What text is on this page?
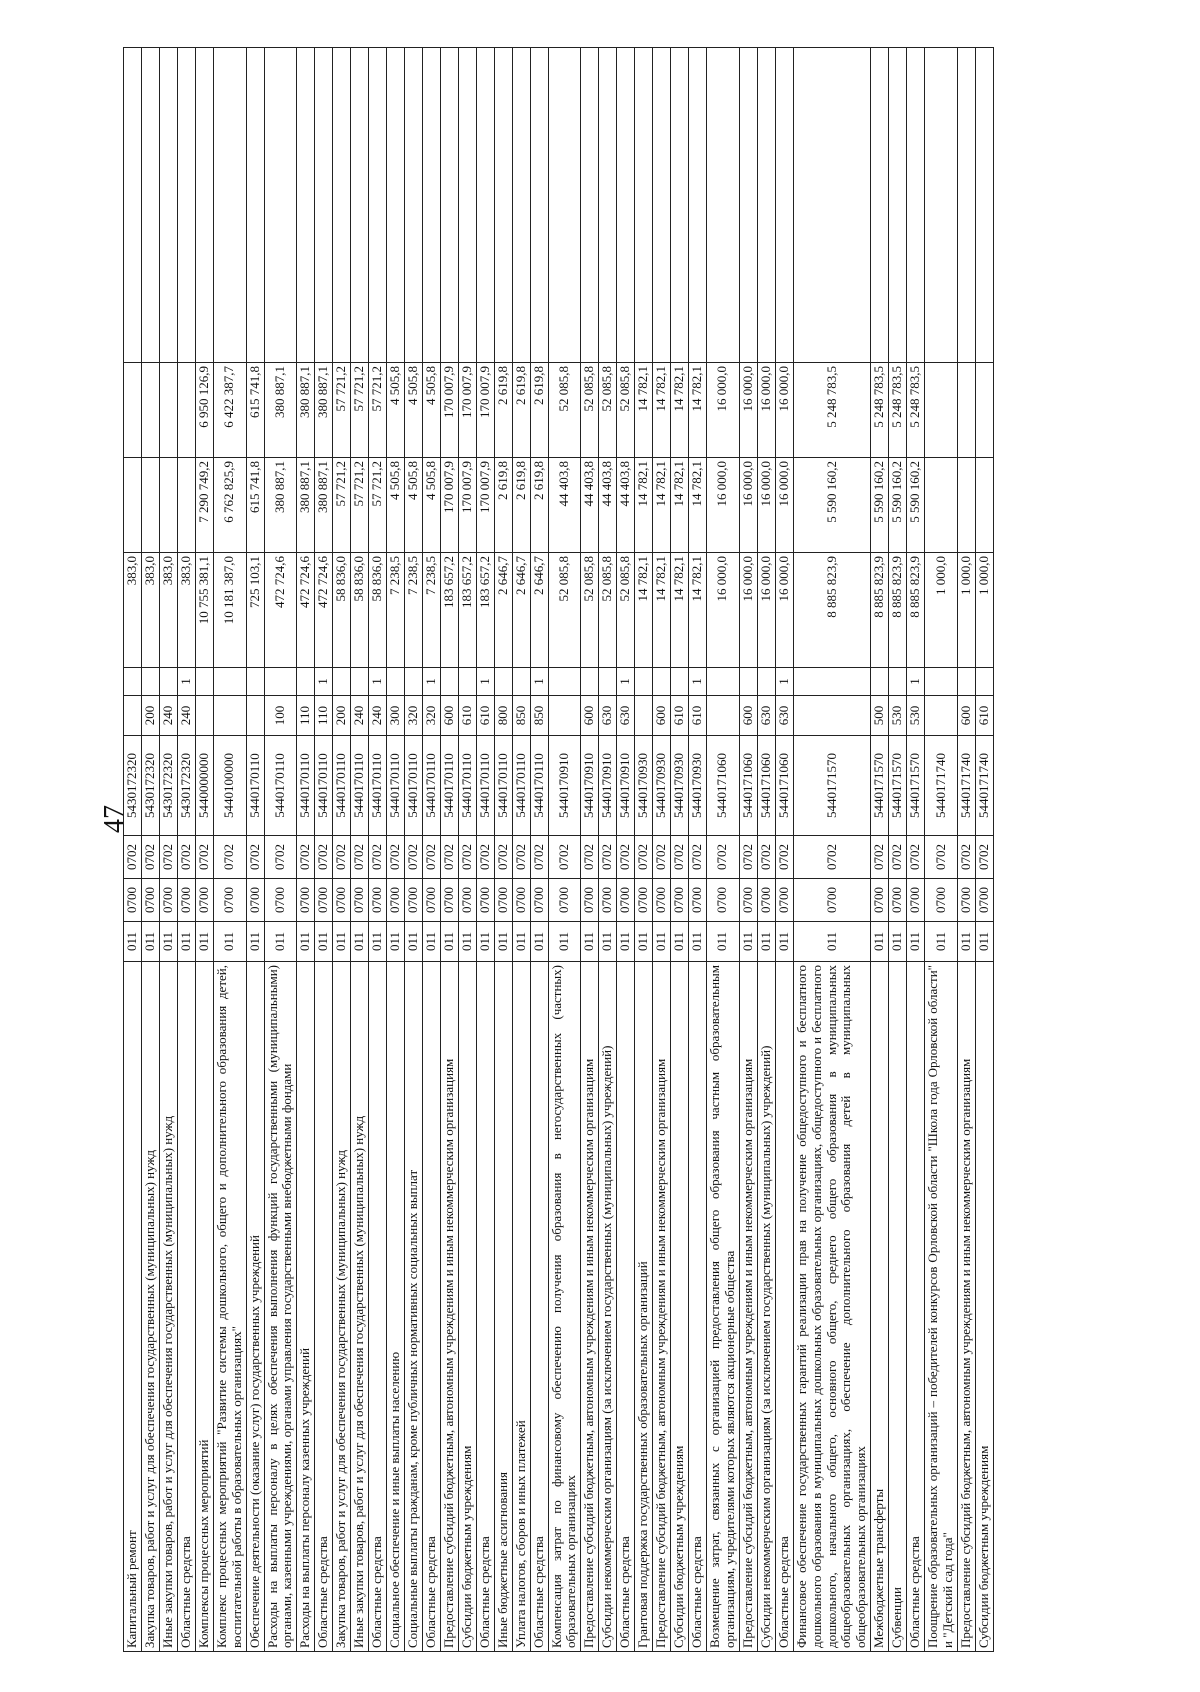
47
Капитальный ремонт	011	0700	0702	5430172320			383,0			
Закупка товаров, работ и услуг для обеспечения государственных (муниципальных) нужд	011	0700	0702	5430172320	200		383,0			
Иные закупки товаров, работ и услуг для обеспечения государственных (муниципальных) нужд	011	0700	0702	5430172320	240		383,0			
Областные средства	011	0700	0702	5430172320	240	1	383,0			
Комплексы процессных мероприятий	011	0700	0702	5440000000			10 755 381,1	7 290 749,2	6 950 126,9	
Комплекс процессных мероприятий "Развитие системы дошкольного, общего и дополнительного образования детей, воспитательной работы в образовательных организациях"	011	0700	0702	5440100000			10 181 387,0	6 762 825,9	6 422 387,7	
Обеспечение деятельности (оказание услуг) государственных учреждений	011	0700	0702	5440170110			725 103,1	615 741,8	615 741,8	
Расходы на выплаты персоналу в целях обеспечения выполнения функций государственными (муниципальными) органами, казенными учреждениями, органами управления государственными внебюджетными фондами	011	0700	0702	5440170110	100		472 724,6	380 887,1	380 887,1	
Расходы на выплаты персоналу казенных учреждений	011	0700	0702	5440170110	110		472 724,6	380 887,1	380 887,1	
Областные средства	011	0700	0702	5440170110	110	1	472 724,6	380 887,1	380 887,1	
Закупка товаров, работ и услуг для обеспечения государственных (муниципальных) нужд	011	0700	0702	5440170110	200		58 836,0	57 721,2	57 721,2	
Иные закупки товаров, работ и услуг для обеспечения государственных (муниципальных) нужд	011	0700	0702	5440170110	240		58 836,0	57 721,2	57 721,2	
Областные средства	011	0700	0702	5440170110	240	1	58 836,0	57 721,2	57 721,2	
Социальное обеспечение и иные выплаты населению	011	0700	0702	5440170110	300		7 238,5	4 505,8	4 505,8	
Социальные выплаты гражданам, кроме публичных нормативных социальных выплат	011	0700	0702	5440170110	320		7 238,5	4 505,8	4 505,8	
Областные средства	011	0700	0702	5440170110	320	1	7 238,5	4 505,8	4 505,8	
Предоставление субсидий бюджетным, автономным учреждениям и иным некоммерческим организациям	011	0700	0702	5440170110	600		183 657,2	170 007,9	170 007,9	
Субсидии бюджетным учреждениям	011	0700	0702	5440170110	610		183 657,2	170 007,9	170 007,9	
Областные средства	011	0700	0702	5440170110	610	1	183 657,2	170 007,9	170 007,9	
Иные бюджетные ассигнования	011	0700	0702	5440170110	800		2 646,7	2 619,8	2 619,8	
Уплата налогов, сборов и иных платежей	011	0700	0702	5440170110	850		2 646,7	2 619,8	2 619,8	
Областные средства	011	0700	0702	5440170110	850	1	2 646,7	2 619,8	2 619,8	
Компенсация затрат по финансовому обеспечению получения образования в негосударственных (частных) образовательных организациях	011	0700	0702	5440170910			52 085,8	44 403,8	52 085,8	
Предоставление субсидий бюджетным, автономным учреждениям и иным некоммерческим организациям	011	0700	0702	5440170910	600		52 085,8	44 403,8	52 085,8	
Субсидии некоммерческим организациям (за исключением государственных (муниципальных) учреждений)	011	0700	0702	5440170910	630		52 085,8	44 403,8	52 085,8	
Областные средства	011	0700	0702	5440170910	630	1	52 085,8	44 403,8	52 085,8	
Грантовая поддержка государственных образовательных организаций	011	0700	0702	5440170930			14 782,1	14 782,1	14 782,1	
Предоставление субсидий бюджетным, автономным учреждениям и иным некоммерческим организациям	011	0700	0702	5440170930	600		14 782,1	14 782,1	14 782,1	
Субсидии бюджетным учреждениям	011	0700	0702	5440170930	610		14 782,1	14 782,1	14 782,1	
Областные средства	011	0700	0702	5440170930	610	1	14 782,1	14 782,1	14 782,1	
Возмещение затрат, связанных с организацией предоставления общего образования частным образовательным организациям, учредителями которых являются акционерные общества	011	0700	0702	5440171060			16 000,0	16 000,0	16 000,0	
Предоставление субсидий бюджетным, автономным учреждениям и иным некоммерческим организациям	011	0700	0702	5440171060	600		16 000,0	16 000,0	16 000,0	
Субсидии некоммерческим организациям (за исключением государственных (муниципальных) учреждений)	011	0700	0702	5440171060	630		16 000,0	16 000,0	16 000,0	
Областные средства	011	0700	0702	5440171060	630	1	16 000,0	16 000,0	16 000,0	
Финансовое обеспечение государственных гарантий реализации прав на получение общедоступного и бесплатного дошкольного образования в муниципальных дошкольных образовательных организациях, общедоступного и бесплатного дошкольного, начального общего, основного общего, среднего общего образования в муниципальных общеобразовательных организациях, обеспечение дополнительного образования детей в муниципальных общеобразовательных организациях	011	0700	0702	5440171570			8 885 823,9	5 590 160,2	5 248 783,5	
Межбюджетные трансферты	011	0700	0702	5440171570	500		8 885 823,9	5 590 160,2	5 248 783,5	
Субвенции	011	0700	0702	5440171570	530		8 885 823,9	5 590 160,2	5 248 783,5	
Областные средства	011	0700	0702	5440171570	530	1	8 885 823,9	5 590 160,2	5 248 783,5	
Поощрение образовательных организаций – победителей конкурсов Орловской области "Школа года Орловской области" и "Детский сад года"	011	0700	0702	5440171740			1 000,0			
Предоставление субсидий бюджетным, автономным учреждениям и иным некоммерческим организациям	011	0700	0702	5440171740	600		1 000,0			
Субсидии бюджетным учреждениям	011	0700	0702	5440171740	610		1 000,0			
